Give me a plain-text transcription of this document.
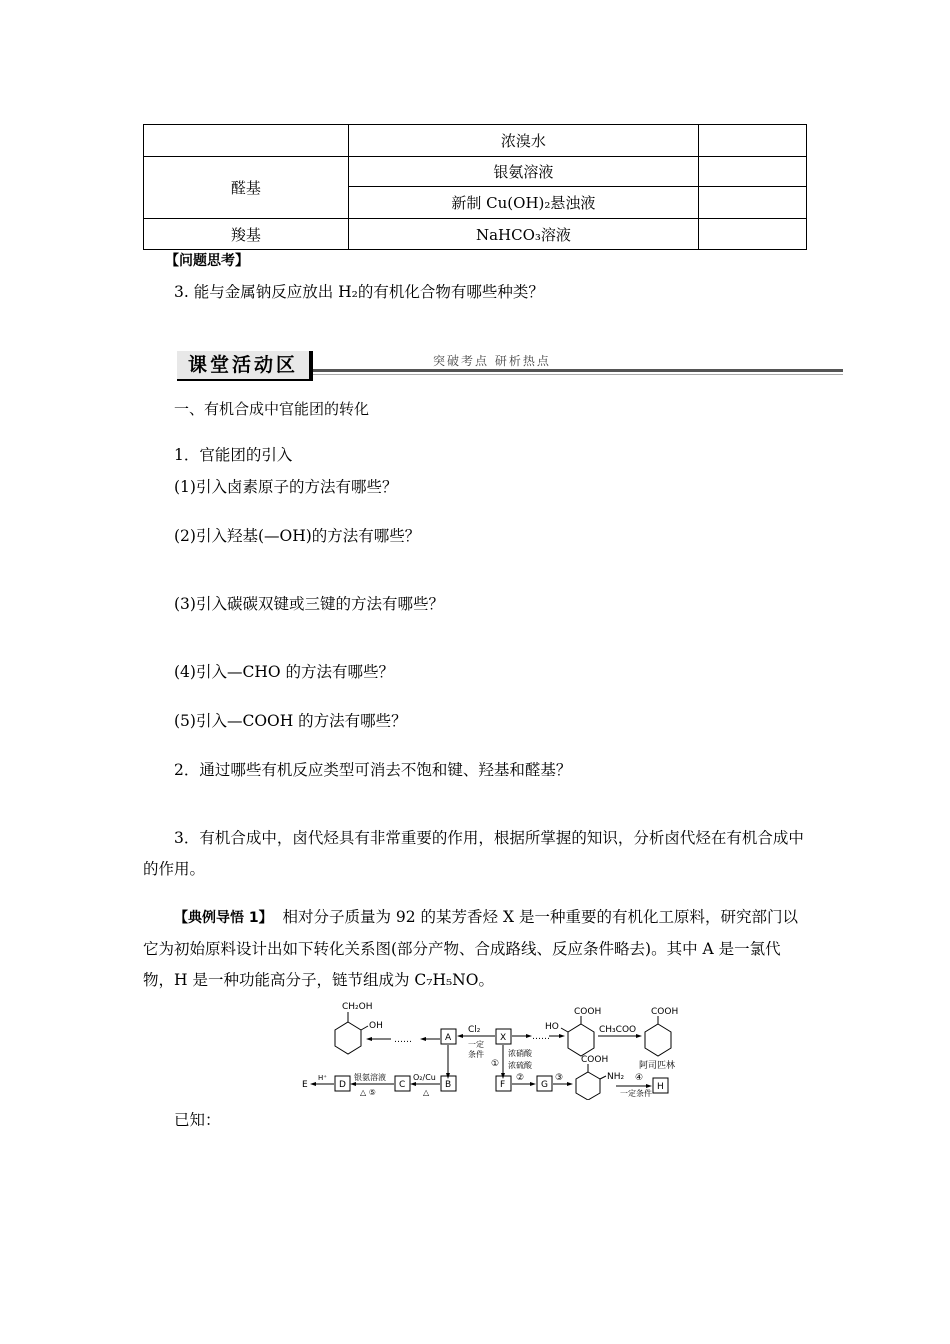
	浓溴水	
醛基	银氨溶液	
	新制 Cu(OH)₂悬浊液	
羧基	NaHCO₃溶液	
【问题思考】
3. 能与金属钠反应放出 H₂的有机化合物有哪些种类？
课堂活动区	突破考点 研析热点
一、有机合成中官能团的转化
1．官能团的引入
(1)引入卤素原子的方法有哪些？
(2)引入羟基(—OH)的方法有哪些？
(3)引入碳碳双键或三键的方法有哪些？
(4)引入—CHO 的方法有哪些？
(5)引入—COOH 的方法有哪些？
2．通过哪些有机反应类型可消去不饱和键、羟基和醛基？
3．有机合成中，卤代烃具有非常重要的作用，根据所掌握的知识，分析卤代烃在有机合成中的作用。
【典例导悟 1】 相对分子质量为 92 的某芳香烃 X 是一种重要的有机化工原料，研究部门以它为初始原料设计出如下转化关系图(部分产物、合成路线、反应条件略去)。其中 A 是一氯代物，H 是一种功能高分子，链节组成为 C₇H₅NO。
CH₂OH
OH
……	A
Cl₂
一定
条件
X	……
COOH
HO	CH₃COO
COOH
阿司匹林
①
浓硝酸
浓硫酸
E
H⁺
D
银氨溶液
△ ⑤
C
O₂/Cu
△
B	F
②
G
③
COOH
NH₂ ④
一定条件
H
已知：
